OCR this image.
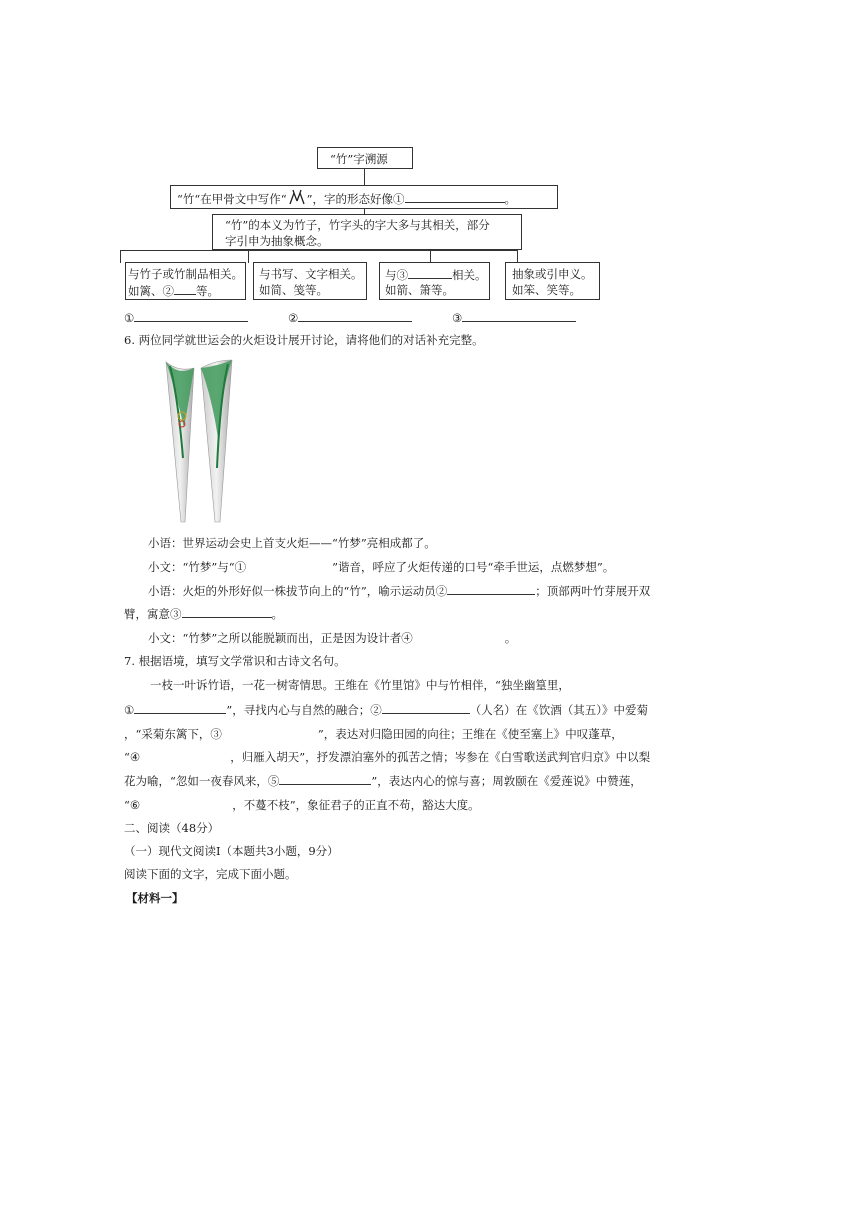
“竹”字溯源

“竹“在甲骨文中写作“ ”，字的形态好像①	。

“竹”的本义为竹子，竹字头的字大多与其相关，部分
字引申为抽象概念。
与竹子或竹制品相关。

如篱、② 等。

与书写、文字相关。
如简、笺等。

与③	相关。

如箭、箫等。
抽象或引申义。
如笨、笑等。

①	②	③

6. 两位同学就世运会的火炬设计展开讨论，请将他们的对话补充完整。

小语：世界运动会史上首支火炬——“竹梦”亮相成都了。

小文：“竹梦”与“①	”谐音，呼应了火炬传递的口号“牵手世运，点燃梦想”。

小语：火炬的外形好似一株拔节向上的“竹”，喻示运动员②	；顶部两叶竹芽展开双

臂，寓意③	。

小文：“竹梦”之所以能脱颖而出，正是因为设计者④	。

7. 根据语境，填写文学常识和古诗文名句。

一枝一叶诉竹语，一花一树寄情思。王维在《竹里馆》中与竹相伴，“独坐幽篁里，

①	”，寻找内心与自然的融合；②	（人名）在《饮酒（其五）》中爱菊

，“采菊东篱下，③	”，表达对归隐田园的向往；王维在《使至塞上》中叹蓬草，

“④	，归雁入胡天”，抒发漂泊塞外的孤苦之情；岑参在《白雪歌送武判官归京》中以梨

花为喻，“忽如一夜春风来，⑤	”，表达内心的惊与喜；周敦颐在《爱莲说》中赞莲，

“⑥	，不蔓不枝”，象征君子的正直不苟，豁达大度。

二、阅读（48分）
（一）现代文阅读Ⅰ（本题共3小题，9分）
阅读下面的文字，完成下面小题。
【材料一】
